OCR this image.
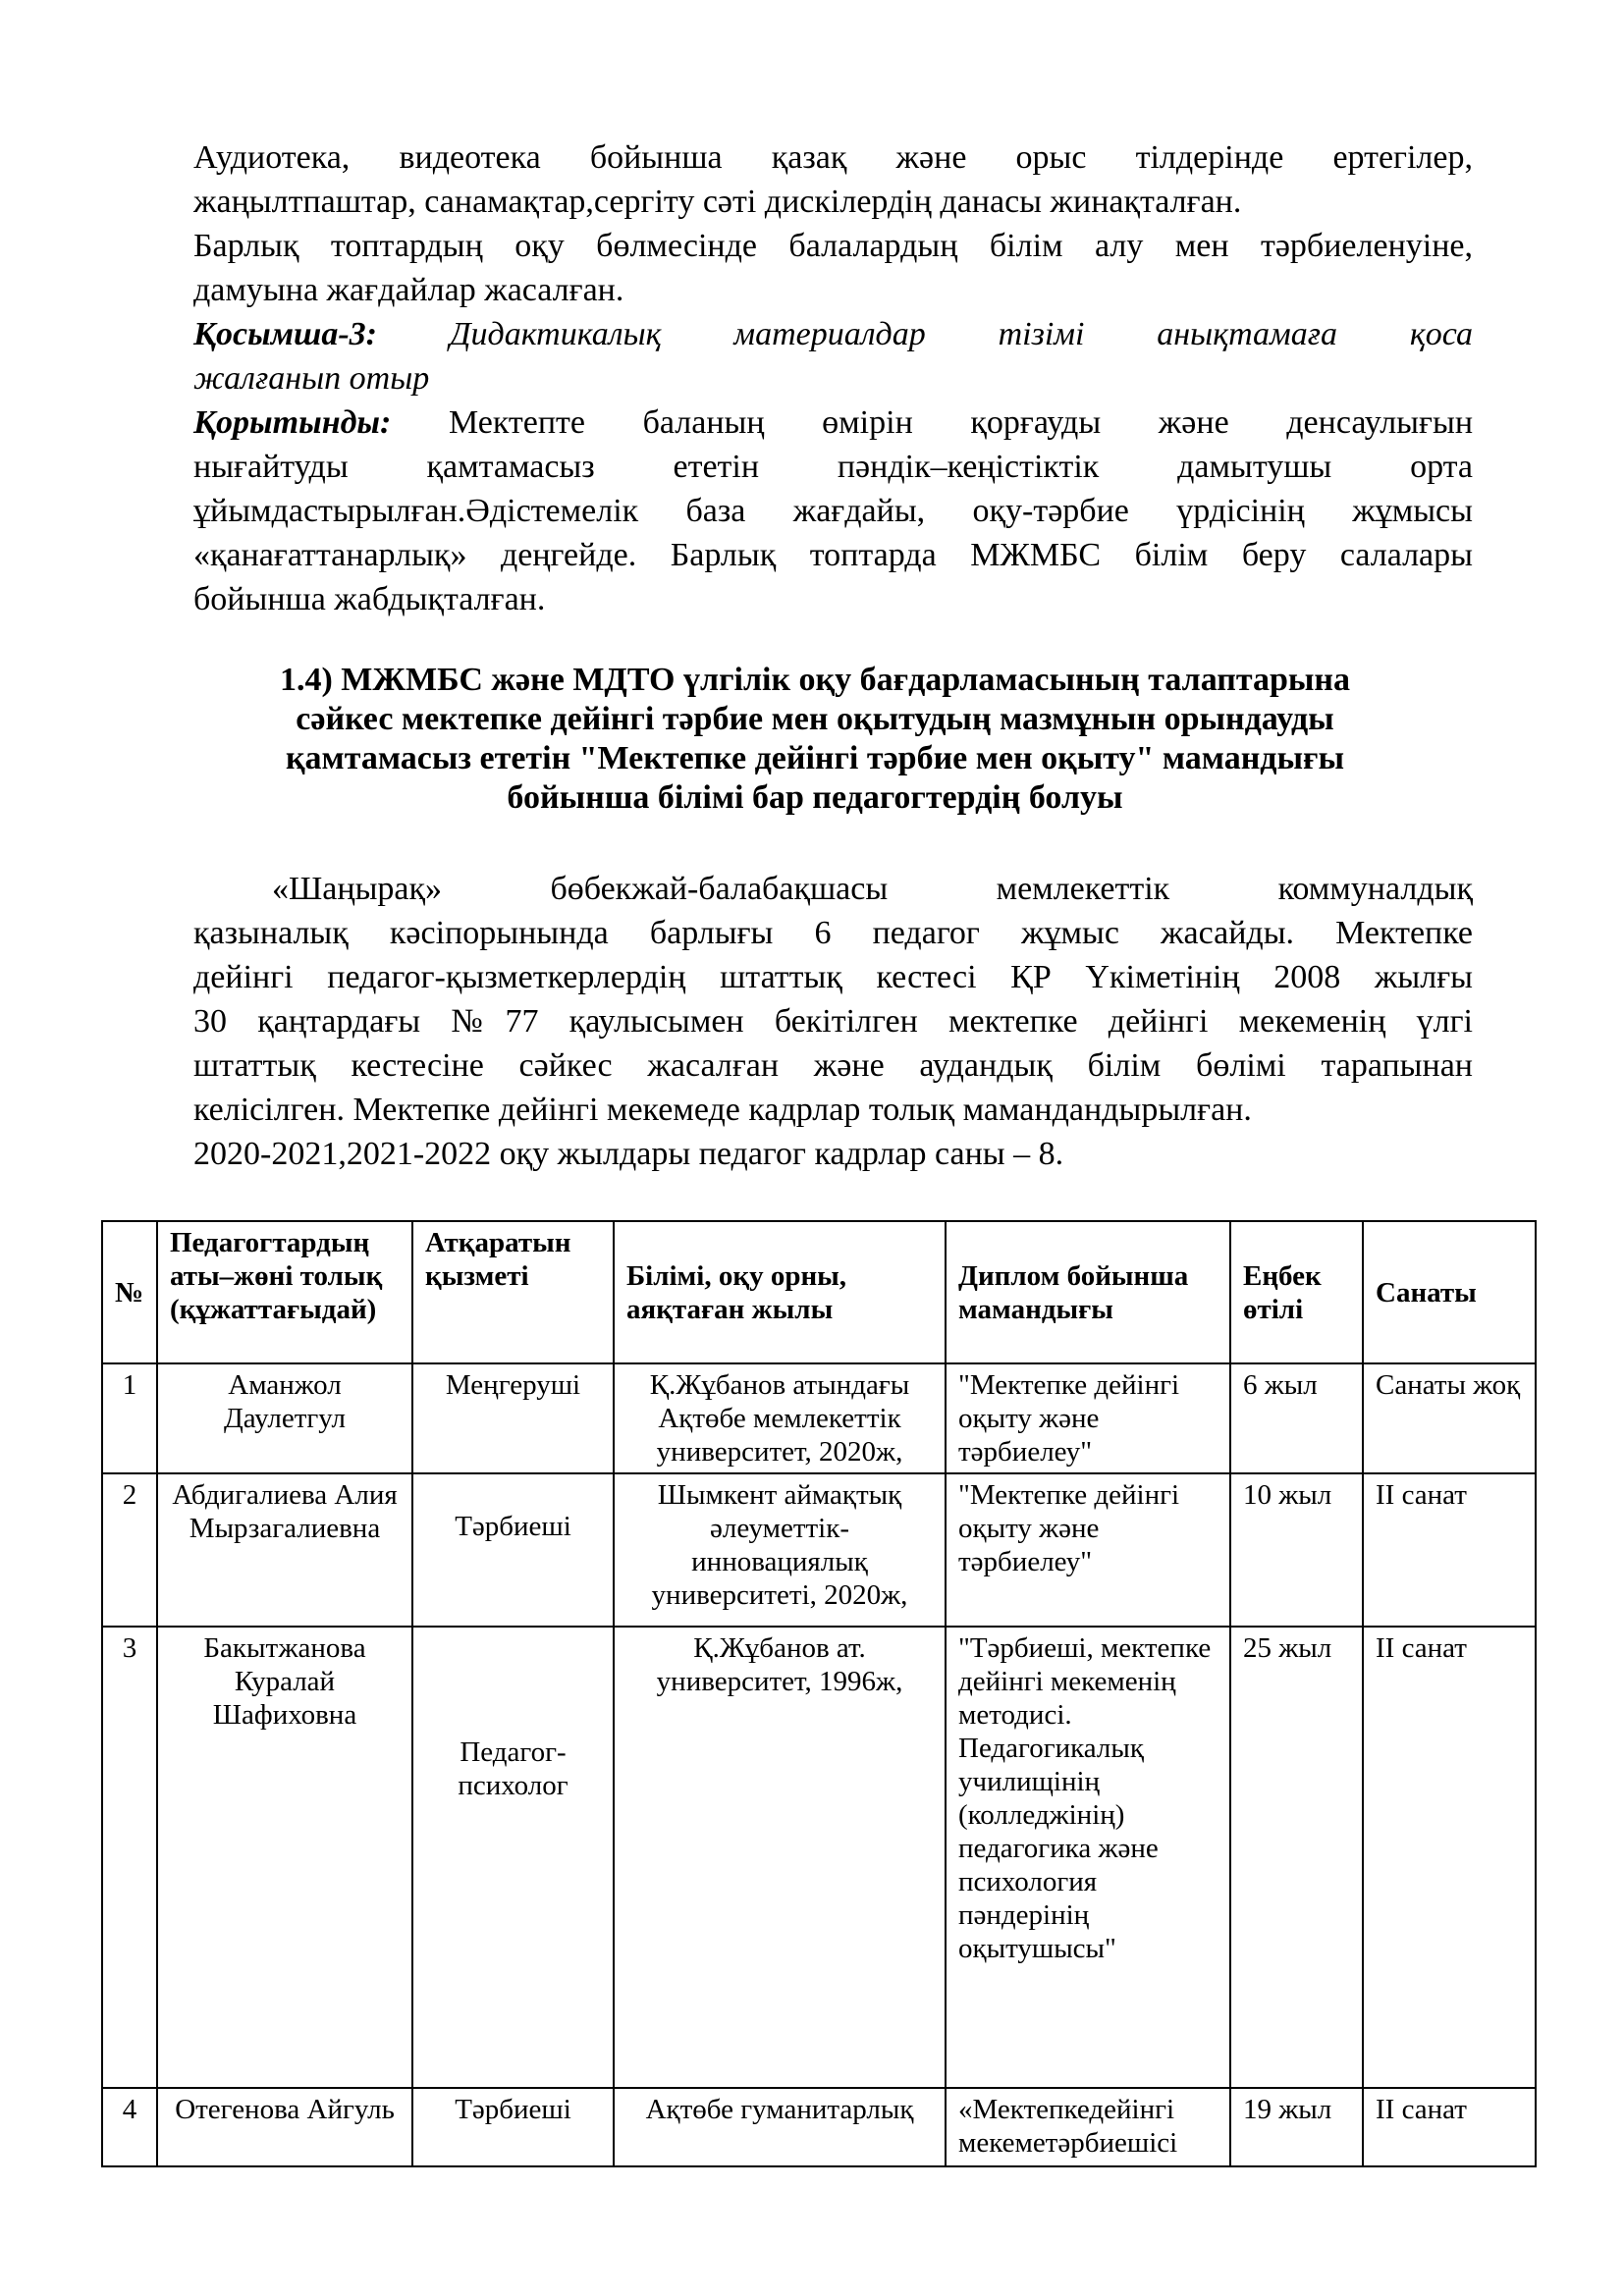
Аудиотека, видеотека бойынша қазақ және орыс тілдерінде ертегілер,
жаңылтпаштар, санамақтар,сергіту сәті дискілердің данасы жинақталған.
Барлық топтардың оқу бөлмесінде балалардың білім алу мен тәрбиеленуіне,
дамуына жағдайлар жасалған.
Қосымша-3: Дидактикалық материалдар тізімі анықтамаға қоса
жалғанып отыр
Қорытынды: Мектепте баланың өмірін қорғауды және денсаулығын
нығайтуды қамтамасыз ететін пәндік–кеңістіктік дамытушы орта
ұйымдастырылған.Әдістемелік база жағдайы, оқу-тәрбие үрдісінің жұмысы
«қанағаттанарлық» деңгейде. Барлық топтарда МЖМБС білім беру салалары
бойынша жабдықталған.
1.4) МЖМБС және МДТО үлгілік оқу бағдарламасының талаптарына
сәйкес мектепке дейінгі тәрбие мен оқытудың мазмұнын орындауды
қамтамасыз ететін "Мектепке дейінгі тәрбие мен оқыту" мамандығы
бойынша білімі бар педагогтердің болуы
«Шаңырақ» бөбекжай-балабақшасы мемлекеттік коммуналдық
қазыналық кәсіпорынында барлығы 6 педагог жұмыс жасайды. Мектепке
дейінгі педагог-қызметкерлердің штаттық кестесі ҚР Үкіметінің 2008 жылғы
30 қаңтардағы №77 қаулысымен бекітілген мектепке дейінгі мекеменің үлгі
штаттық кестесіне сәйкес жасалған және аудандық білім бөлімі тарапынан
келісілген. Мектепке дейінгі мекемеде кадрлар толық мамандандырылған.
2020-2021,2021-2022 оқу жылдары педагог кадрлар саны – 8.
№	Педагогтардың аты–жөні толық (құжаттағыдай)	Атқаратын қызметі	Білімі, оқу орны, аяқтаған жылы	Диплом бойынша мамандығы	Еңбек өтілі	Санаты
1	Аманжол Даулетгул	Меңгеруші	Қ.Жұбанов атындағы Ақтөбе мемлекеттік университет, 2020ж,	"Мектепке дейінгі оқыту және тәрбиелеу"	6 жыл	Санаты жоқ
2	Абдигалиева Алия Мырзагалиевна	Тәрбиеші	Шымкент аймақтық әлеуметтік-инновациялық университеті, 2020ж,	"Мектепке дейінгі оқыту және тәрбиелеу"	10 жыл	II санат
3	Бакытжанова Куралай Шафиховна	Педагог-психолог	Қ.Жұбанов ат. университет, 1996ж,	"Тәрбиеші, мектепке дейінгі мекеменің методисі. Педагогикалық училищінің (колледжінің) педагогика және психология пәндерінің оқытушысы"	25 жыл	II санат
4	Отегенова Айгуль	Тәрбиеші	Ақтөбе гуманитарлық	«Мектепкедейінгі мекеметәрбиешісі	19 жыл	II санат
